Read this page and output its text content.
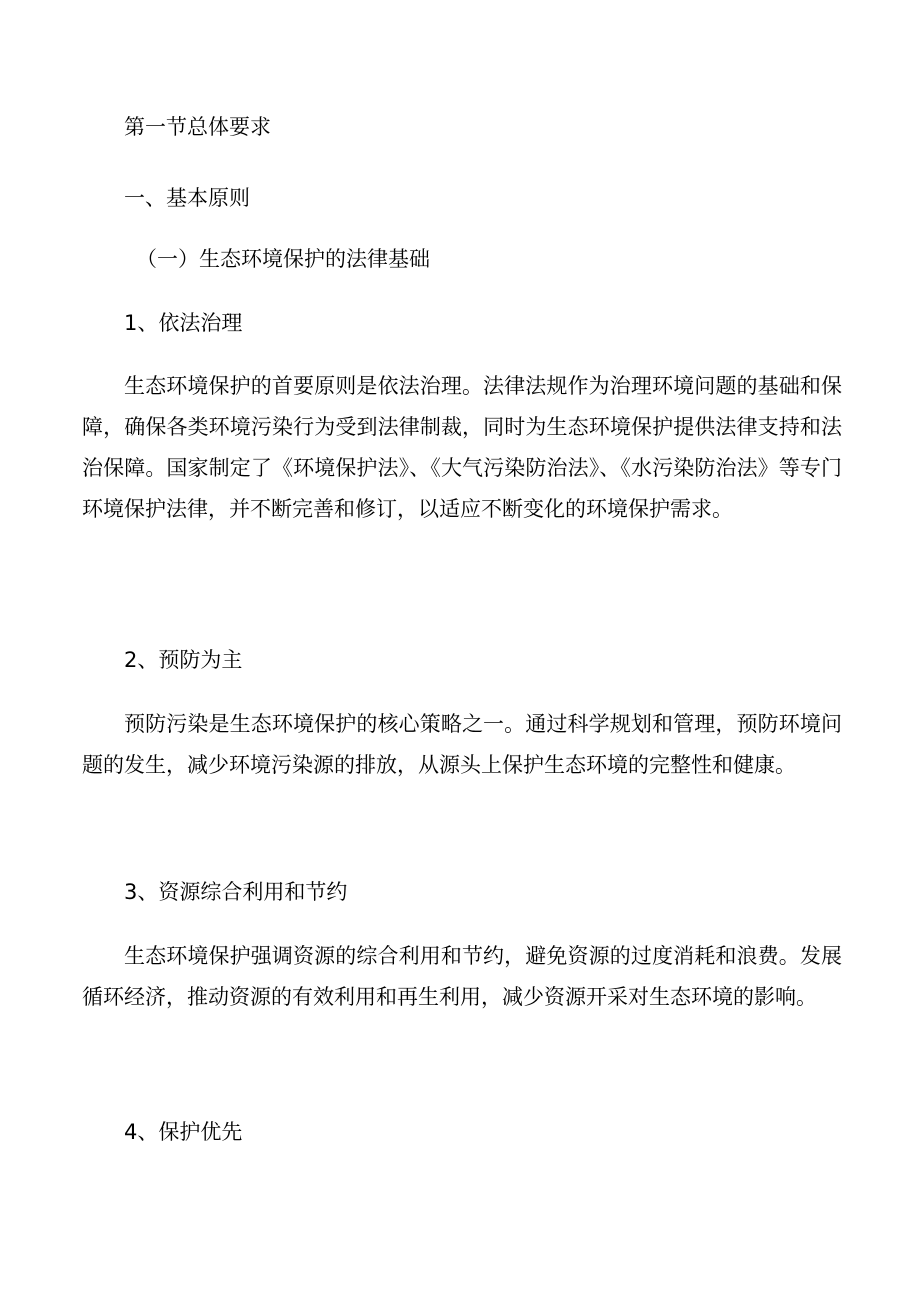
第一节总体要求

一、基本原则

（一）生态环境保护的法律基础

1、依法治理

生态环境保护的首要原则是依法治理。法律法规作为治理环境问题的基础和保障，确保各类环境污染行为受到法律制裁，同时为生态环境保护提供法律支持和法治保障。国家制定了《环境保护法》、《大气污染防治法》、《水污染防治法》等专门环境保护法律，并不断完善和修订，以适应不断变化的环境保护需求。

2、预防为主

预防污染是生态环境保护的核心策略之一。通过科学规划和管理，预防环境问题的发生，减少环境污染源的排放，从源头上保护生态环境的完整性和健康。

3、资源综合利用和节约

生态环境保护强调资源的综合利用和节约，避免资源的过度消耗和浪费。发展循环经济，推动资源的有效利用和再生利用，减少资源开采对生态环境的影响。

4、保护优先
